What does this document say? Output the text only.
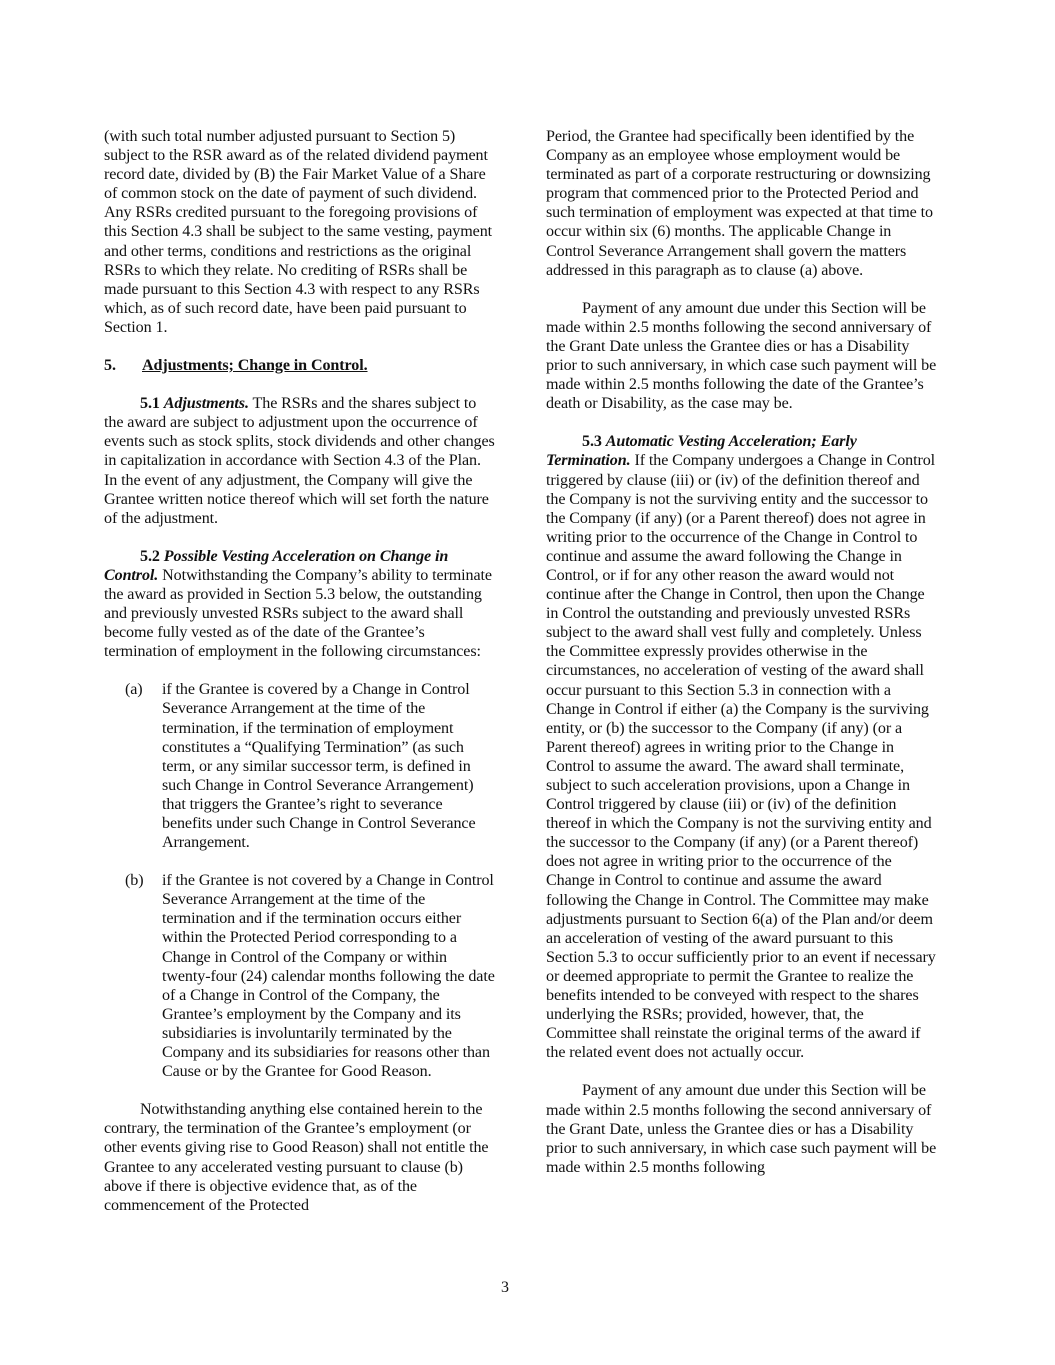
(with such total number adjusted pursuant to Section 5) subject to the RSR award as of the related dividend payment record date, divided by (B) the Fair Market Value of a Share of common stock on the date of payment of such dividend. Any RSRs credited pursuant to the foregoing provisions of this Section 4.3 shall be subject to the same vesting, payment and other terms, conditions and restrictions as the original RSRs to which they relate. No crediting of RSRs shall be made pursuant to this Section 4.3 with respect to any RSRs which, as of such record date, have been paid pursuant to Section 1.

5. Adjustments; Change in Control.

5.1 Adjustments. The RSRs and the shares subject to the award are subject to adjustment upon the occurrence of events such as stock splits, stock dividends and other changes in capitalization in accordance with Section 4.3 of the Plan. In the event of any adjustment, the Company will give the Grantee written notice thereof which will set forth the nature of the adjustment.

5.2 Possible Vesting Acceleration on Change in Control. Notwithstanding the Company’s ability to terminate the award as provided in Section 5.3 below, the outstanding and previously unvested RSRs subject to the award shall become fully vested as of the date of the Grantee’s termination of employment in the following circumstances:

(a) if the Grantee is covered by a Change in Control Severance Arrangement at the time of the termination, if the termination of employment constitutes a “Qualifying Termination” (as such term, or any similar successor term, is defined in such Change in Control Severance Arrangement) that triggers the Grantee’s right to severance benefits under such Change in Control Severance Arrangement.

(b) if the Grantee is not covered by a Change in Control Severance Arrangement at the time of the termination and if the termination occurs either within the Protected Period corresponding to a Change in Control of the Company or within twenty-four (24) calendar months following the date of a Change in Control of the Company, the Grantee’s employment by the Company and its subsidiaries is involuntarily terminated by the Company and its subsidiaries for reasons other than Cause or by the Grantee for Good Reason.

Notwithstanding anything else contained herein to the contrary, the termination of the Grantee’s employment (or other events giving rise to Good Reason) shall not entitle the Grantee to any accelerated vesting pursuant to clause (b) above if there is objective evidence that, as of the commencement of the Protected

Period, the Grantee had specifically been identified by the Company as an employee whose employment would be terminated as part of a corporate restructuring or downsizing program that commenced prior to the Protected Period and such termination of employment was expected at that time to occur within six (6) months. The applicable Change in Control Severance Arrangement shall govern the matters addressed in this paragraph as to clause (a) above.

Payment of any amount due under this Section will be made within 2.5 months following the second anniversary of the Grant Date unless the Grantee dies or has a Disability prior to such anniversary, in which case such payment will be made within 2.5 months following the date of the Grantee’s death or Disability, as the case may be.

5.3 Automatic Vesting Acceleration; Early Termination. If the Company undergoes a Change in Control triggered by clause (iii) or (iv) of the definition thereof and the Company is not the surviving entity and the successor to the Company (if any) (or a Parent thereof) does not agree in writing prior to the occurrence of the Change in Control to continue and assume the award following the Change in Control, or if for any other reason the award would not continue after the Change in Control, then upon the Change in Control the outstanding and previously unvested RSRs subject to the award shall vest fully and completely. Unless the Committee expressly provides otherwise in the circumstances, no acceleration of vesting of the award shall occur pursuant to this Section 5.3 in connection with a Change in Control if either (a) the Company is the surviving entity, or (b) the successor to the Company (if any) (or a Parent thereof) agrees in writing prior to the Change in Control to assume the award. The award shall terminate, subject to such acceleration provisions, upon a Change in Control triggered by clause (iii) or (iv) of the definition thereof in which the Company is not the surviving entity and the successor to the Company (if any) (or a Parent thereof) does not agree in writing prior to the occurrence of the Change in Control to continue and assume the award following the Change in Control. The Committee may make adjustments pursuant to Section 6(a) of the Plan and/or deem an acceleration of vesting of the award pursuant to this Section 5.3 to occur sufficiently prior to an event if necessary or deemed appropriate to permit the Grantee to realize the benefits intended to be conveyed with respect to the shares underlying the RSRs; provided, however, that, the Committee shall reinstate the original terms of the award if the related event does not actually occur.

Payment of any amount due under this Section will be made within 2.5 months following the second anniversary of the Grant Date, unless the Grantee dies or has a Disability prior to such anniversary, in which case such payment will be made within 2.5 months following

3
